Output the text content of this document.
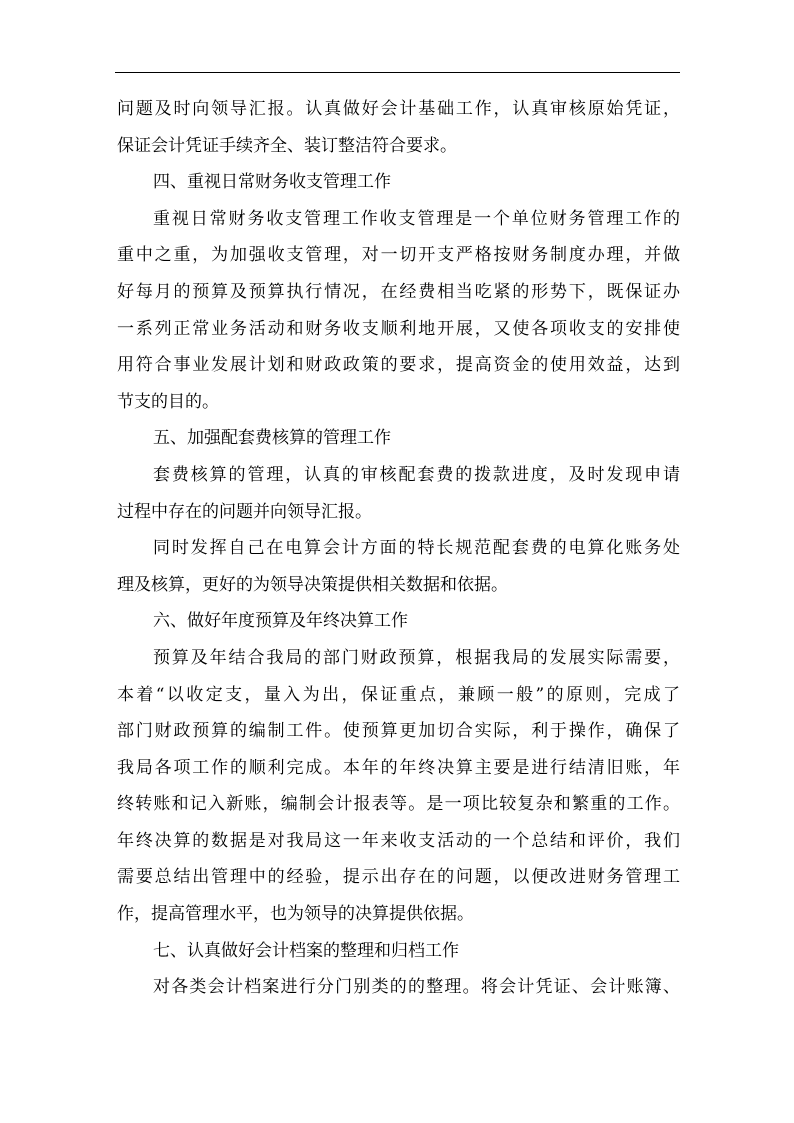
问题及时向领导汇报。认真做好会计基础工作，认真审核原始凭证，
保证会计凭证手续齐全、装订整洁符合要求。
四、重视日常财务收支管理工作
重视日常财务收支管理工作收支管理是一个单位财务管理工作的
重中之重，为加强收支管理，对一切开支严格按财务制度办理，并做
好每月的预算及预算执行情况，在经费相当吃紧的形势下，既保证办
一系列正常业务活动和财务收支顺利地开展，又使各项收支的安排使
用符合事业发展计划和财政政策的要求，提高资金的使用效益，达到
节支的目的。
五、加强配套费核算的管理工作
套费核算的管理，认真的审核配套费的拨款进度，及时发现申请
过程中存在的问题并向领导汇报。
同时发挥自己在电算会计方面的特长规范配套费的电算化账务处
理及核算，更好的为领导决策提供相关数据和依据。
六、做好年度预算及年终决算工作
预算及年结合我局的部门财政预算，根据我局的发展实际需要，
本着“以收定支，量入为出，保证重点，兼顾一般”的原则，完成了
部门财政预算的编制工件。使预算更加切合实际，利于操作，确保了
我局各项工作的顺利完成。本年的年终决算主要是进行结清旧账，年
终转账和记入新账，编制会计报表等。是一项比较复杂和繁重的工作。
年终决算的数据是对我局这一年来收支活动的一个总结和评价，我们
需要总结出管理中的经验，提示出存在的问题，以便改进财务管理工
作，提高管理水平，也为领导的决算提供依据。
七、认真做好会计档案的整理和归档工作
对各类会计档案进行分门别类的的整理。将会计凭证、会计账簿、
